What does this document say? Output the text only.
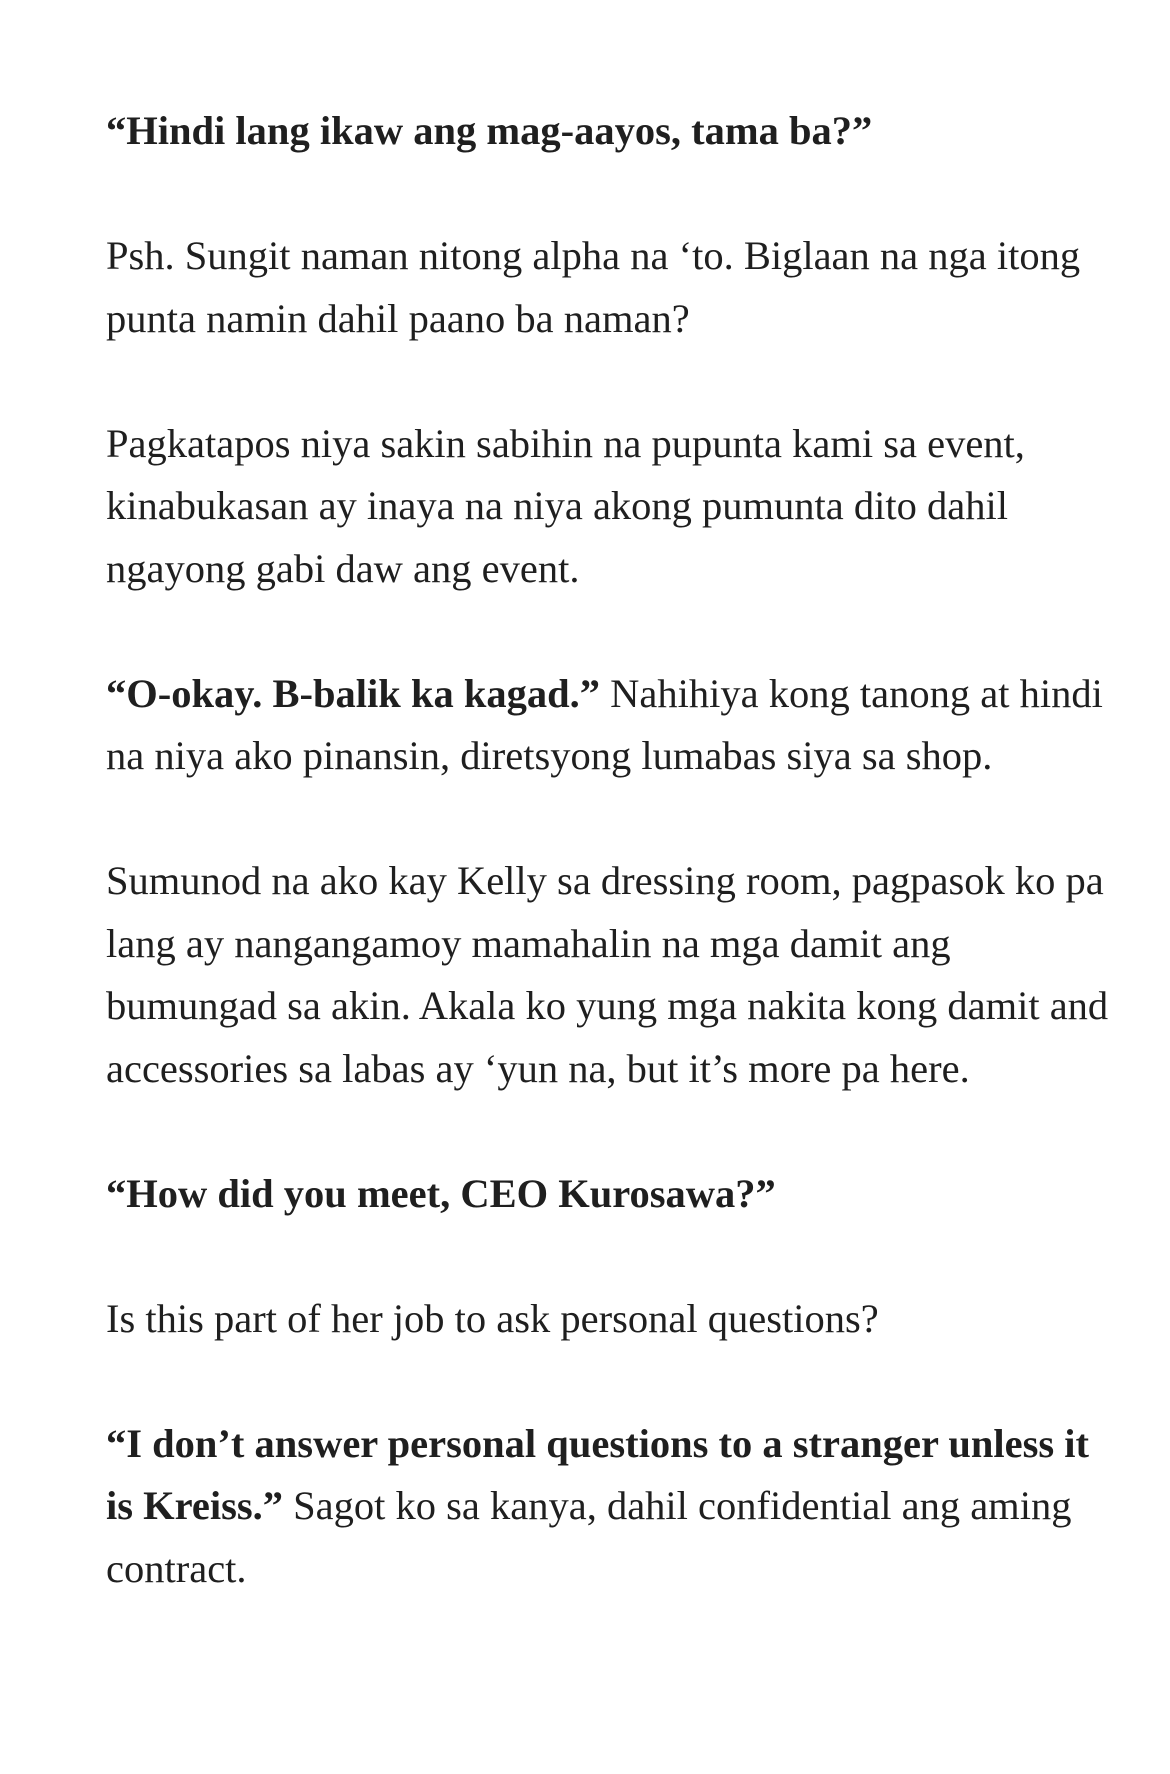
“Hindi lang ikaw ang mag-aayos, tama ba?”

Psh. Sungit naman nitong alpha na ‘to. Biglaan na nga itong punta namin dahil paano ba naman?

Pagkatapos niya sakin sabihin na pupunta kami sa event, kinabukasan ay inaya na niya akong pumunta dito dahil ngayong gabi daw ang event.

“O-okay. B-balik ka kagad.” Nahihiya kong tanong at hindi na niya ako pinansin, diretsyong lumabas siya sa shop.

Sumunod na ako kay Kelly sa dressing room, pagpasok ko pa lang ay nangangamoy mamahalin na mga damit ang bumungad sa akin. Akala ko yung mga nakita kong damit and accessories sa labas ay ‘yun na, but it’s more pa here.

“How did you meet, CEO Kurosawa?”

Is this part of her job to ask personal questions?

“I don’t answer personal questions to a stranger unless it is Kreiss.” Sagot ko sa kanya, dahil confidential ang aming contract.
